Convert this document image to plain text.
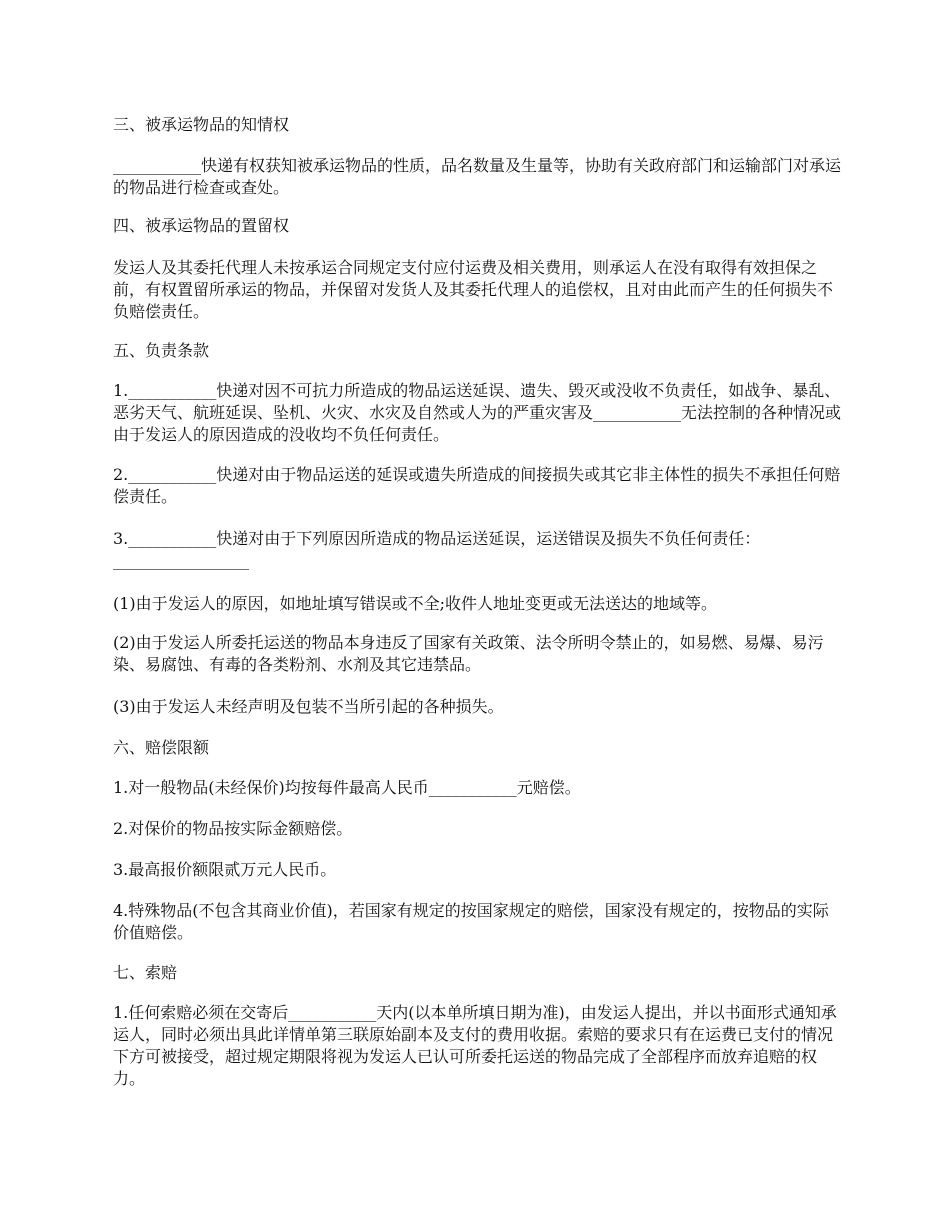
三、被承运物品的知情权

___________快递有权获知被承运物品的性质，品名数量及生量等，协助有关政府部门和运输部门对承运的物品进行检查或查处。

四、被承运物品的置留权

发运人及其委托代理人未按承运合同规定支付应付运费及相关费用，则承运人在没有取得有效担保之前，有权置留所承运的物品，并保留对发货人及其委托代理人的追偿权，且对由此而产生的任何损失不负赔偿责任。

五、负责条款

1.___________快递对因不可抗力所造成的物品运送延误、遗失、毁灭或没收不负责任，如战争、暴乱、恶劣天气、航班延误、坠机、火灾、水灾及自然或人为的严重灾害及___________无法控制的各种情况或由于发运人的原因造成的没收均不负任何责任。

2.___________快递对由于物品运送的延误或遗失所造成的间接损失或其它非主体性的损失不承担任何赔偿责任。

3.___________快递对由于下列原因所造成的物品运送延误，运送错误及损失不负任何责任：_________________

(1)由于发运人的原因，如地址填写错误或不全;收件人地址变更或无法送达的地域等。

(2)由于发运人所委托运送的物品本身违反了国家有关政策、法令所明令禁止的，如易燃、易爆、易污染、易腐蚀、有毒的各类粉剂、水剂及其它违禁品。

(3)由于发运人未经声明及包装不当所引起的各种损失。

六、赔偿限额

1.对一般物品(未经保价)均按每件最高人民币___________元赔偿。

2.对保价的物品按实际金额赔偿。

3.最高报价额限贰万元人民币。

4.特殊物品(不包含其商业价值)，若国家有规定的按国家规定的赔偿，国家没有规定的，按物品的实际价值赔偿。

七、索赔

1.任何索赔必须在交寄后___________天内(以本单所填日期为准)，由发运人提出，并以书面形式通知承运人，同时必须出具此详情单第三联原始副本及支付的费用收据。索赔的要求只有在运费已支付的情况下方可被接受，超过规定期限将视为发运人已认可所委托运送的物品完成了全部程序而放弃追赔的权力。
